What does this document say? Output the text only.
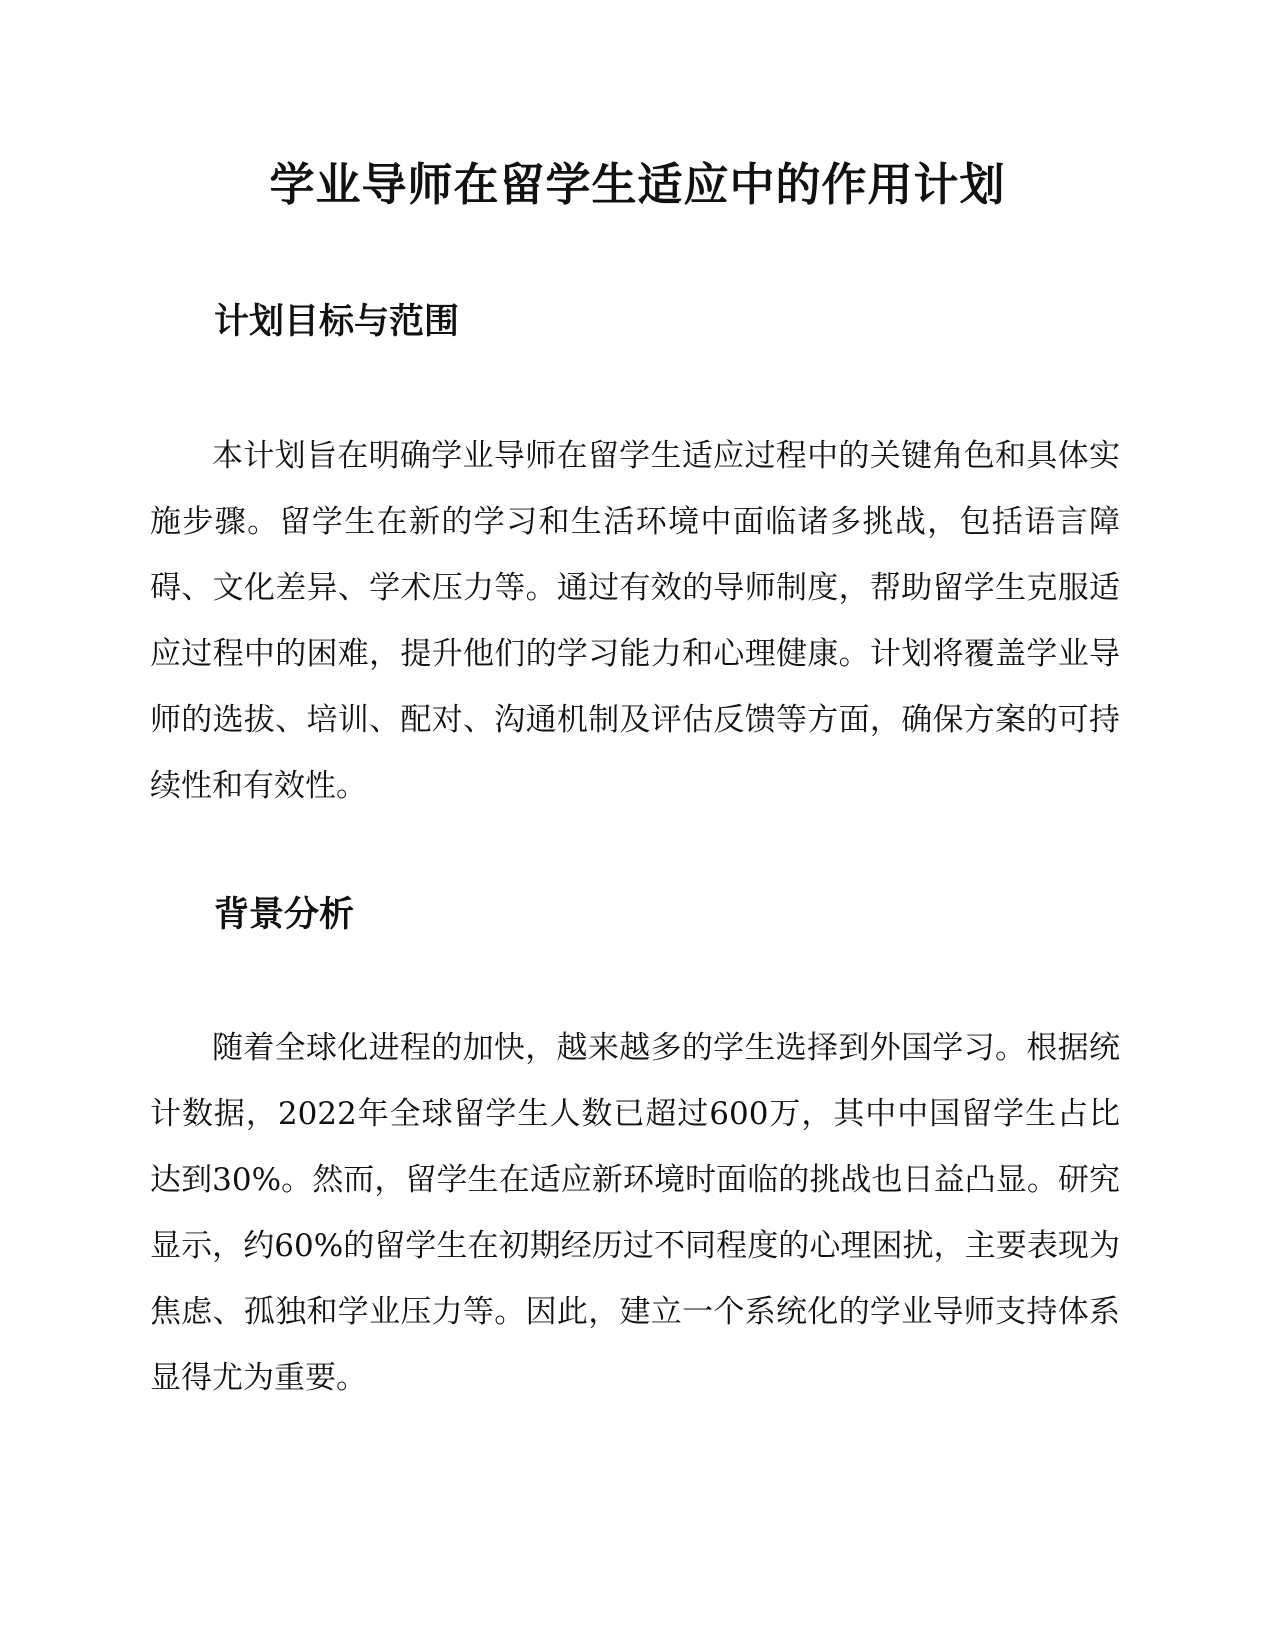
学业导师在留学生适应中的作用计划
计划目标与范围

本计划旨在明确学业导师在留学生适应过程中的关键角色和具体实施步骤。留学生在新的学习和生活环境中面临诸多挑战，包括语言障碍、文化差异、学术压力等。通过有效的导师制度，帮助留学生克服适应过程中的困难，提升他们的学习能力和心理健康。计划将覆盖学业导师的选拔、培训、配对、沟通机制及评估反馈等方面，确保方案的可持续性和有效性。

背景分析

随着全球化进程的加快，越来越多的学生选择到外国学习。根据统计数据，2022年全球留学生人数已超过600万，其中中国留学生占比达到30%。然而，留学生在适应新环境时面临的挑战也日益凸显。研究显示，约60%的留学生在初期经历过不同程度的心理困扰，主要表现为焦虑、孤独和学业压力等。因此，建立一个系统化的学业导师支持体系显得尤为重要。
